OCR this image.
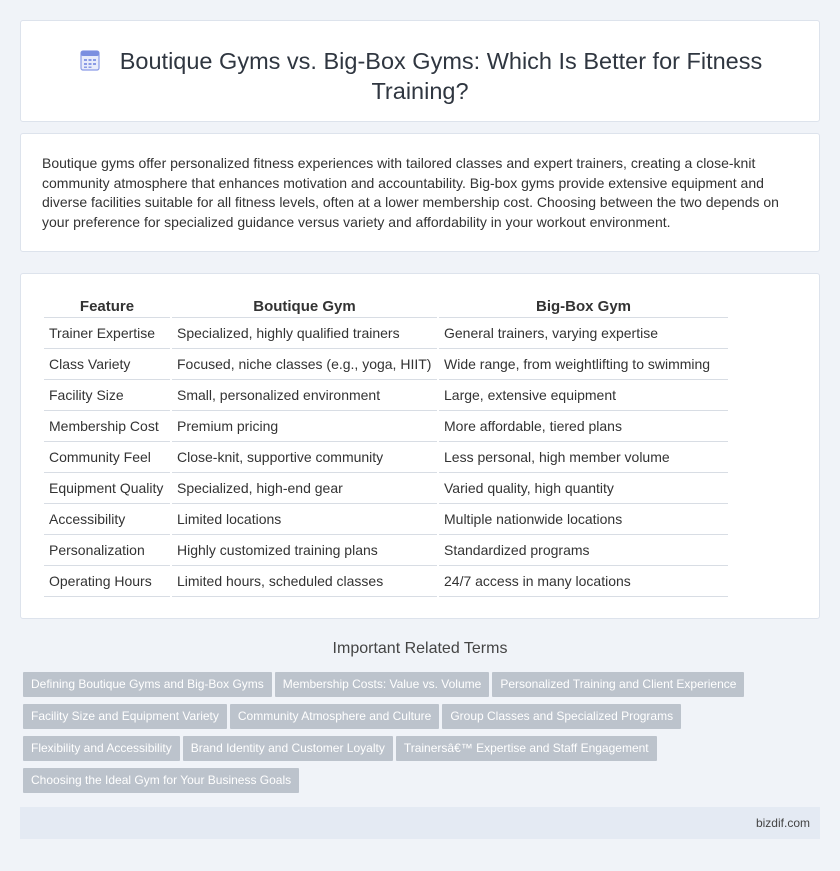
Boutique Gyms vs. Big-Box Gyms: Which Is Better for Fitness Training?

Boutique gyms offer personalized fitness experiences with tailored classes and expert trainers, creating a close-knit community atmosphere that enhances motivation and accountability. Big-box gyms provide extensive equipment and diverse facilities suitable for all fitness levels, often at a lower membership cost. Choosing between the two depends on your preference for specialized guidance versus variety and affordability in your workout environment.

Feature	Boutique Gym	Big-Box Gym
Trainer Expertise	Specialized, highly qualified trainers	General trainers, varying expertise
Class Variety	Focused, niche classes (e.g., yoga, HIIT)	Wide range, from weightlifting to swimming
Facility Size	Small, personalized environment	Large, extensive equipment
Membership Cost	Premium pricing	More affordable, tiered plans
Community Feel	Close-knit, supportive community	Less personal, high member volume
Equipment Quality	Specialized, high-end gear	Varied quality, high quantity
Accessibility	Limited locations	Multiple nationwide locations
Personalization	Highly customized training plans	Standardized programs
Operating Hours	Limited hours, scheduled classes	24/7 access in many locations
Important Related Terms
Defining Boutique Gyms and Big-Box Gyms Membership Costs: Value vs. Volume Personalized Training and Client Experience
Facility Size and Equipment Variety Community Atmosphere and Culture Group Classes and Specialized Programs
Flexibility and Accessibility Brand Identity and Customer Loyalty Trainersâ€™ Expertise and Staff Engagement
Choosing the Ideal Gym for Your Business Goals
bizdif.com
